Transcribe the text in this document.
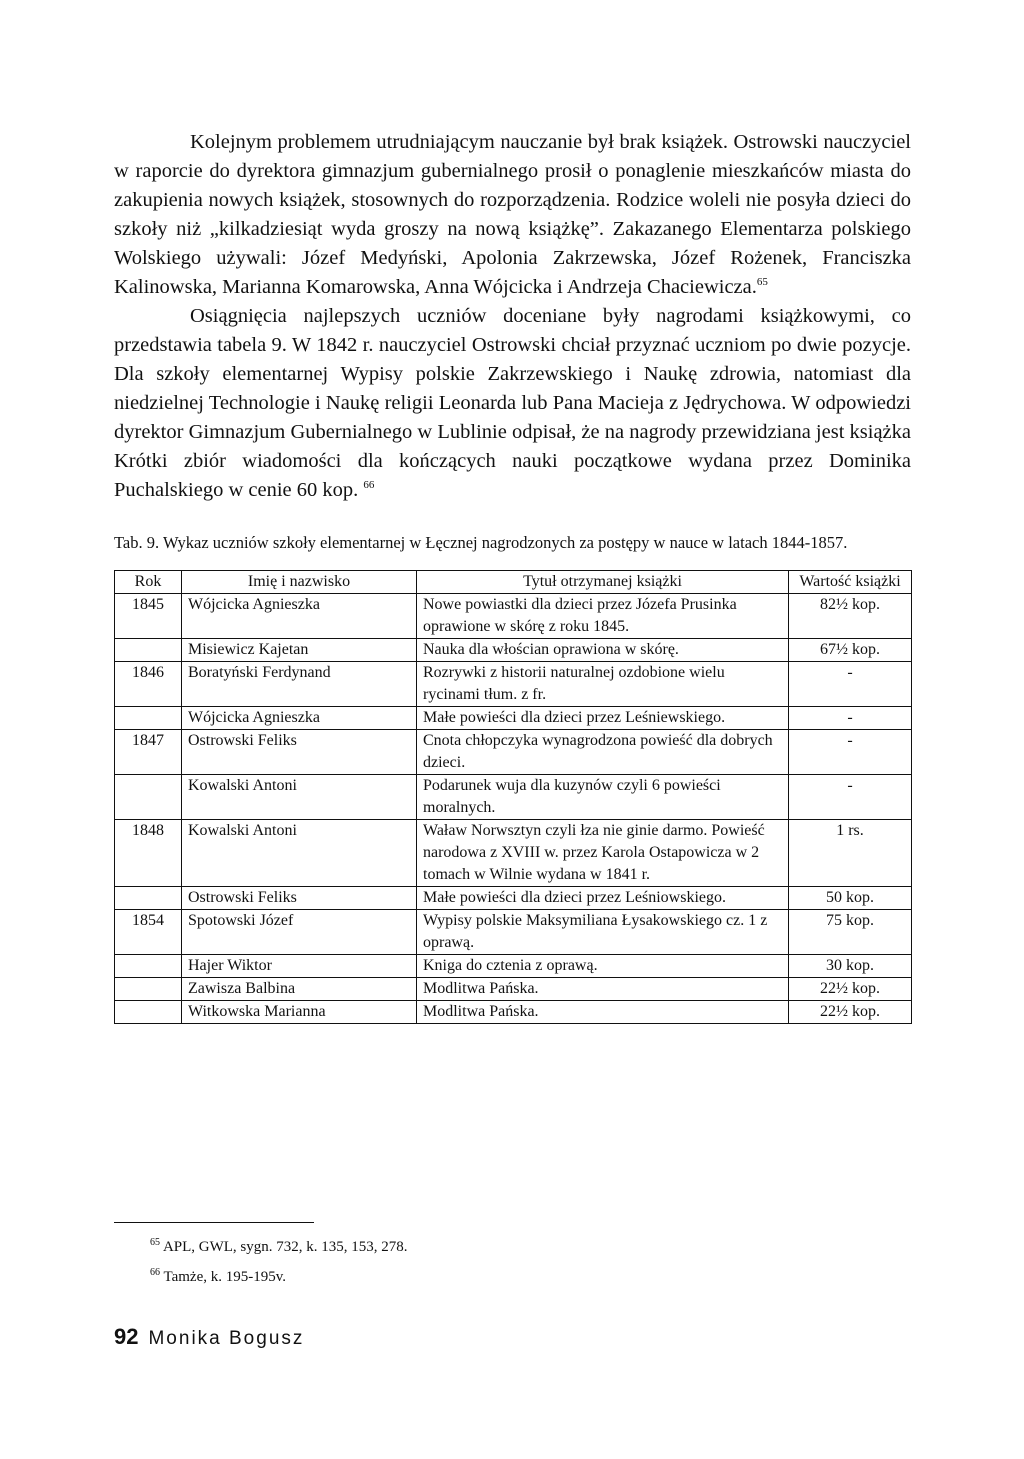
Kolejnym problemem utrudniającym nauczanie był brak książek. Ostrowski nauczyciel w raporcie do dyrektora gimnazjum gubernialnego prosił o ponaglenie mieszkańców miasta do zakupienia nowych książek, stosownych do rozporządzenia. Rodzice woleli nie posyła dzieci do szkoły niż „kilkadziesiąt wyda groszy na nową książkę”. Zakazanego Elementarza polskiego Wolskiego używali: Józef Medyński, Apolonia Zakrzewska, Józef Rożenek, Franciszka Kalinowska, Marianna Komarowska, Anna Wójcicka i Andrzeja Chaciewicza.$^{65}$

Osiągnięcia najlepszych uczniów doceniane były nagrodami książkowymi, co przedstawia tabela 9. W 1842 r. nauczyciel Ostrowski chciał przyznać uczniom po dwie pozycje. Dla szkoły elementarnej Wypisy polskie Zakrzewskiego i Naukę zdrowia, natomiast dla niedzielnej Technologie i Naukę religii Leonarda lub Pana Macieja z Jędrychowa. W odpowiedzi dyrektor Gimnazjum Gubernialnego w Lublinie odpisał, że na nagrody przewidziana jest książka Krótki zbiór wiadomości dla kończących nauki początkowe wydana przez Dominika Puchalskiego w cenie 60 kop. $^{66}$

Tab. 9. Wykaz uczniów szkoły elementarnej w Łęcznej nagrodzonych za postępy w nauce w latach 1844-1857.

Rok	Imię i nazwisko	Tytuł otrzymanej książki	Wartość książki
1845	Wójcicka Agnieszka	Nowe powiastki dla dzieci przez Józefa Prusinka oprawione w skórę z roku 1845.	82½ kop.
	Misiewicz Kajetan	Nauka dla włościan oprawiona w skórę.	67½ kop.
1846	Boratyński Ferdynand	Rozrywki z historii naturalnej ozdobione wielu rycinami tłum. z fr.	-
	Wójcicka Agnieszka	Małe powieści dla dzieci przez Leśniewskiego.	-
1847	Ostrowski Feliks	Cnota chłopczyka wynagrodzona powieść dla dobrych dzieci.	-
	Kowalski Antoni	Podarunek wuja dla kuzynów czyli 6 powieści moralnych.	-
1848	Kowalski Antoni	Waław Norwsztyn czyli łza nie ginie darmo. Powieść narodowa z XVIII w. przez Karola Ostapowicza w 2 tomach w Wilnie wydana w 1841 r.	1 rs.
	Ostrowski Feliks	Małe powieści dla dzieci przez Leśniowskiego.	50 kop.
1854	Spotowski Józef	Wypisy polskie Maksymiliana Łysakowskiego cz. 1 z oprawą.	75 kop.
	Hajer Wiktor	Kniga do cztenia z oprawą.	30 kop.
	Zawisza Balbina	Modlitwa Pańska.	22½ kop.
	Witkowska Marianna	Modlitwa Pańska.	22½ kop.
$^{65}$ APL, GWL, sygn. 732, k. 135, 153, 278.
$^{66}$ Tamże, k. 195-195v.
92 Monika Bogusz
